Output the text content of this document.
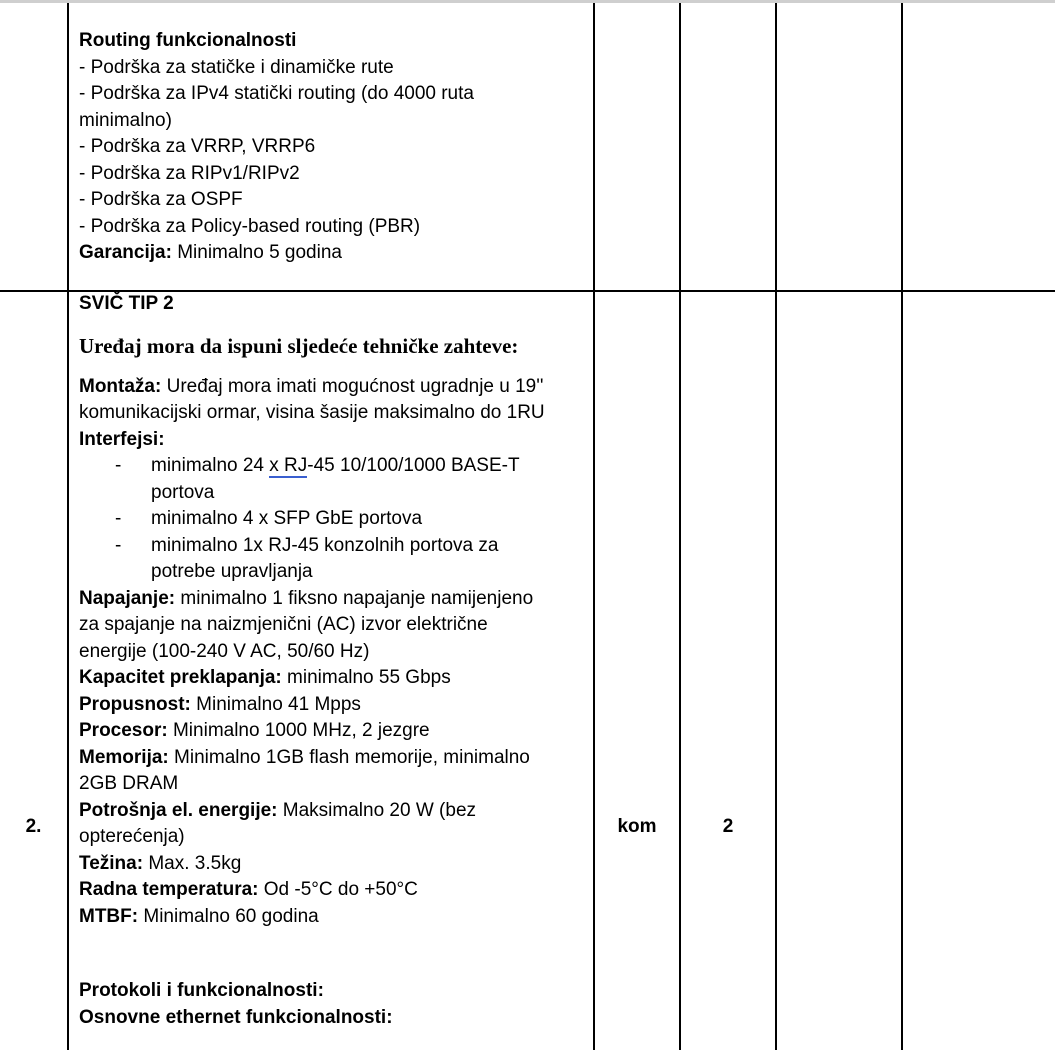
Routing funkcionalnosti
- Podrška za statičke i dinamičke rute
- Podrška za IPv4 statički routing (do 4000 ruta
minimalno)
- Podrška za VRRP, VRRP6
- Podrška za RIPv1/RIPv2
- Podrška za OSPF
- Podrška za Policy-based routing (PBR)
Garancija: Minimalno 5 godina
2.	kom	2
SVIČ TIP 2
Uređaj mora da ispuni sljedeće tehničke zahteve:
Montaža: Uređaj mora imati mogućnost ugradnje u 19''
komunikacijski ormar, visina šasije maksimalno do 1RU
Interfejsi:
- minimalno 24 x RJ-45 10/100/1000 BASE-T
portova
- minimalno 4 x SFP GbE portova
- minimalno 1x RJ-45 konzolnih portova za
potrebe upravljanja
Napajanje: minimalno 1 fiksno napajanje namijenjeno
za spajanje na naizmjenični (AC) izvor električne
energije (100-240 V AC, 50/60 Hz)
Kapacitet preklapanja: minimalno 55 Gbps
Propusnost: Minimalno 41 Mpps
Procesor: Minimalno 1000 MHz, 2 jezgre
Memorija: Minimalno 1GB flash memorije, minimalno
2GB DRAM
Potrošnja el. energije: Maksimalno 20 W (bez
opterećenja)
Težina: Max. 3.5kg
Radna temperatura: Od -5°C do +50°C
MTBF: Minimalno 60 godina
Protokoli i funkcionalnosti:
Osnovne ethernet funkcionalnosti:
